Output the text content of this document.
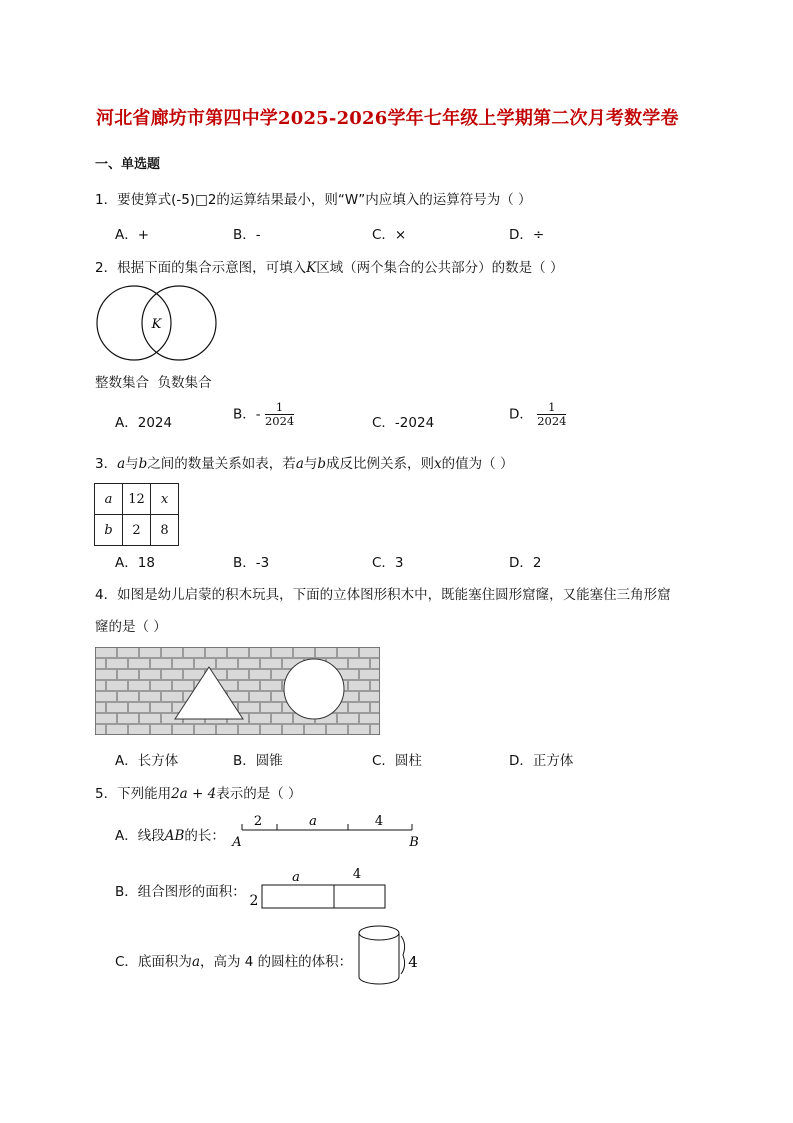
河北省廊坊市第四中学2025-2026学年七年级上学期第二次月考数学卷
一、单选题
1．要使算式(-5)□2的运算结果最小，则“W”内应填入的运算符号为（ ）
A．+	B．-	C．×	D．÷
2．根据下面的集合示意图，可填入K区域（两个集合的公共部分）的数是（ ）
K
整数集合  负数集合
A．2024
B．- $\frac{1}{2024}$	C．-2024
D． $\frac{1}{2024}$
3．a与b之间的数量关系如表，若a与b成反比例关系，则x的值为（ ）
a	12	x
b	2	8
A．18	B．-3	C．3	D．2
4．如图是幼儿启蒙的积木玩具，下面的立体图形积木中，既能塞住圆形窟窿，又能塞住三角形窟
窿的是（ ）
A．长方体	B．圆锥	C．圆柱	D．正方体
5．下列能用2a + 4表示的是（ ）
A．线段AB的长：
2	a	4
A	B
B．组合图形的面积：
2
a	4
C．底面积为a，高为 4 的圆柱的体积：	4
